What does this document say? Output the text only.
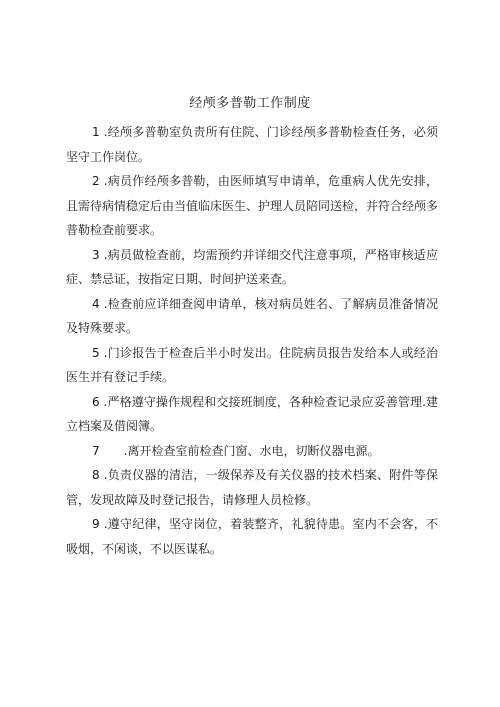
经颅多普勒工作制度

1 .经颅多普勒室负责所有住院、门诊经颅多普勒检查任务，必须坚守工作岗位。

2 .病员作经颅多普勒，由医师填写申请单，危重病人优先安排，且需待病情稳定后由当值临床医生、护理人员陪同送检，并符合经颅多普勒检查前要求。

3 .病员做检查前，均需预约并详细交代注意事项，严格审核适应症、禁忌证，按指定日期、时间护送来查。

4 .检查前应详细查阅申请单，核对病员姓名、了解病员准备情况及特殊要求。

5 .门诊报告于检查后半小时发出。住院病员报告发给本人或经治医生并有登记手续。

6 .严格遵守操作规程和交接班制度，各种检查记录应妥善管理.建立档案及借阅簿。

7　　.离开检查室前检查门窗、水电，切断仪器电源。

8 .负责仪器的清洁，一级保养及有关仪器的技术档案、附件等保管，发现故障及时登记报告，请修理人员检修。

9 .遵守纪律，坚守岗位，着装整齐，礼貌待患。室内不会客，不吸烟，不闲谈，不以医谋私。
